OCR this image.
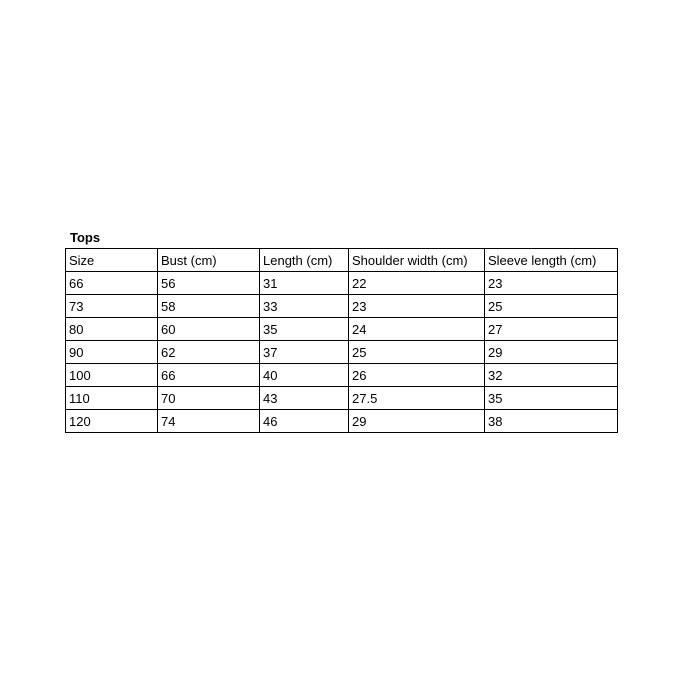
Tops
Size	Bust (cm)	Length (cm)	Shoulder width (cm)	Sleeve length (cm)
66	56	31	22	23
73	58	33	23	25
80	60	35	24	27
90	62	37	25	29
100	66	40	26	32
110	70	43	27.5	35
120	74	46	29	38
